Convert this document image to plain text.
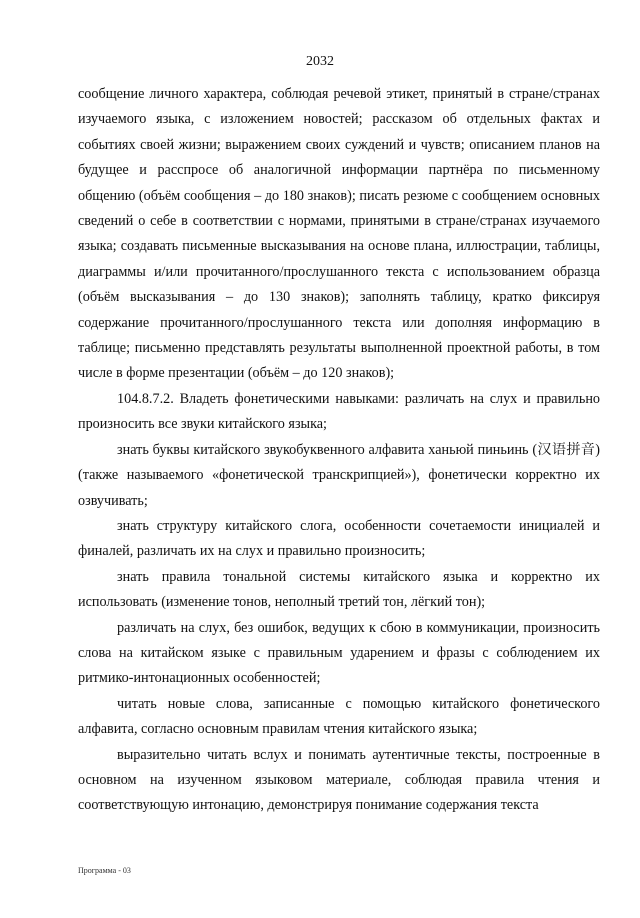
2032

сообщение личного характера, соблюдая речевой этикет, принятый в стране/странах изучаемого языка, с изложением новостей; рассказом об отдельных фактах и событиях своей жизни; выражением своих суждений и чувств; описанием планов на будущее и расспросе об аналогичной информации партнёра по письменному общению (объём сообщения – до 180 знаков); писать резюме с сообщением основных сведений о себе в соответствии с нормами, принятыми в стране/странах изучаемого языка; создавать письменные высказывания на основе плана, иллюстрации, таблицы, диаграммы и/или прочитанного/прослушанного текста с использованием образца (объём высказывания – до 130 знаков); заполнять таблицу, кратко фиксируя содержание прочитанного/прослушанного текста или дополняя информацию в таблице; письменно представлять результаты выполненной проектной работы, в том числе в форме презентации (объём – до 120 знаков);

104.8.7.2. Владеть фонетическими навыками: различать на слух и правильно произносить все звуки китайского языка;

знать буквы китайского звукобуквенного алфавита ханьюй пиньинь (汉语拼音) (также называемого «фонетической транскрипцией»), фонетически корректно их озвучивать;

знать структуру китайского слога, особенности сочетаемости инициалей и финалей, различать их на слух и правильно произносить;

знать правила тональной системы китайского языка и корректно их использовать (изменение тонов, неполный третий тон, лёгкий тон);

различать на слух, без ошибок, ведущих к сбою в коммуникации, произносить слова на китайском языке с правильным ударением и фразы с соблюдением их ритмико-интонационных особенностей;

читать новые слова, записанные с помощью китайского фонетического алфавита, согласно основным правилам чтения китайского языка;

выразительно читать вслух и понимать аутентичные тексты, построенные в основном на изученном языковом материале, соблюдая правила чтения и соответствующую интонацию, демонстрируя понимание содержания текста

Программа - 03
